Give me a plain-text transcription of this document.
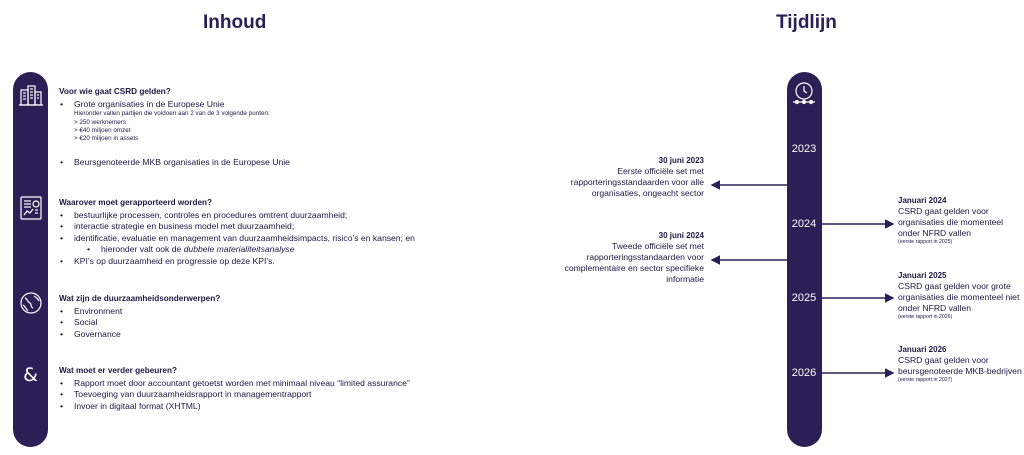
Inhoud
&
Voor wie gaat CSRD gelden?
• Grote organisaties in de Europese Unie
Hieronder vallen partijen die voldoen aan 2 van de 3 volgende punten:
> 250 werknemers
> €40 miljoen omzet
> €20 miljoen in assets
• Beursgenoteerde MKB organisaties in de Europese Unie
Waarover moet gerapporteerd worden?
• bestuurlijke processen, controles en procedures omtrent duurzaamheid;
• interactie strategie en business model met duurzaamheid;
• identificatie, evaluatie en management van duurzaamheidsimpacts, risico’s en kansen; en
• hieronder valt ook de dubbele materialiteitsanalyse
• KPI’s op duurzaamheid en progressie op deze KPI’s.
Wat zijn de duurzaamheidsonderwerpen?
• Environment
• Social
• Governance
Wat moet er verder gebeuren?
• Rapport moet door accountant getoetst worden met minimaal niveau “limited assurance”
• Toevoeging van duurzaamheidsrapport in managementrapport
• Invoer in digitaal format (XHTML)
Tijdlijn
2023
2024
2025
2026
30 juni 2023
Eerste officiële set met rapporteringsstandaarden voor alle organisaties, ongeacht sector
30 juni 2024
Tweede officiële set met rapporteringsstandaarden voor complementaire en sector specifieke informatie
Januari 2024
CSRD gaat gelden voor organisaties die momenteel onder NFRD vallen
(eerste rapport in 2025)
Januari 2025
CSRD gaat gelden voor grote organisaties die momenteel niet onder NFRD vallen
(eerste rapport in 2026)
Januari 2026
CSRD gaat gelden voor beursgenoteerde MKB-bedrijven
(eerste rapport in 2027)
